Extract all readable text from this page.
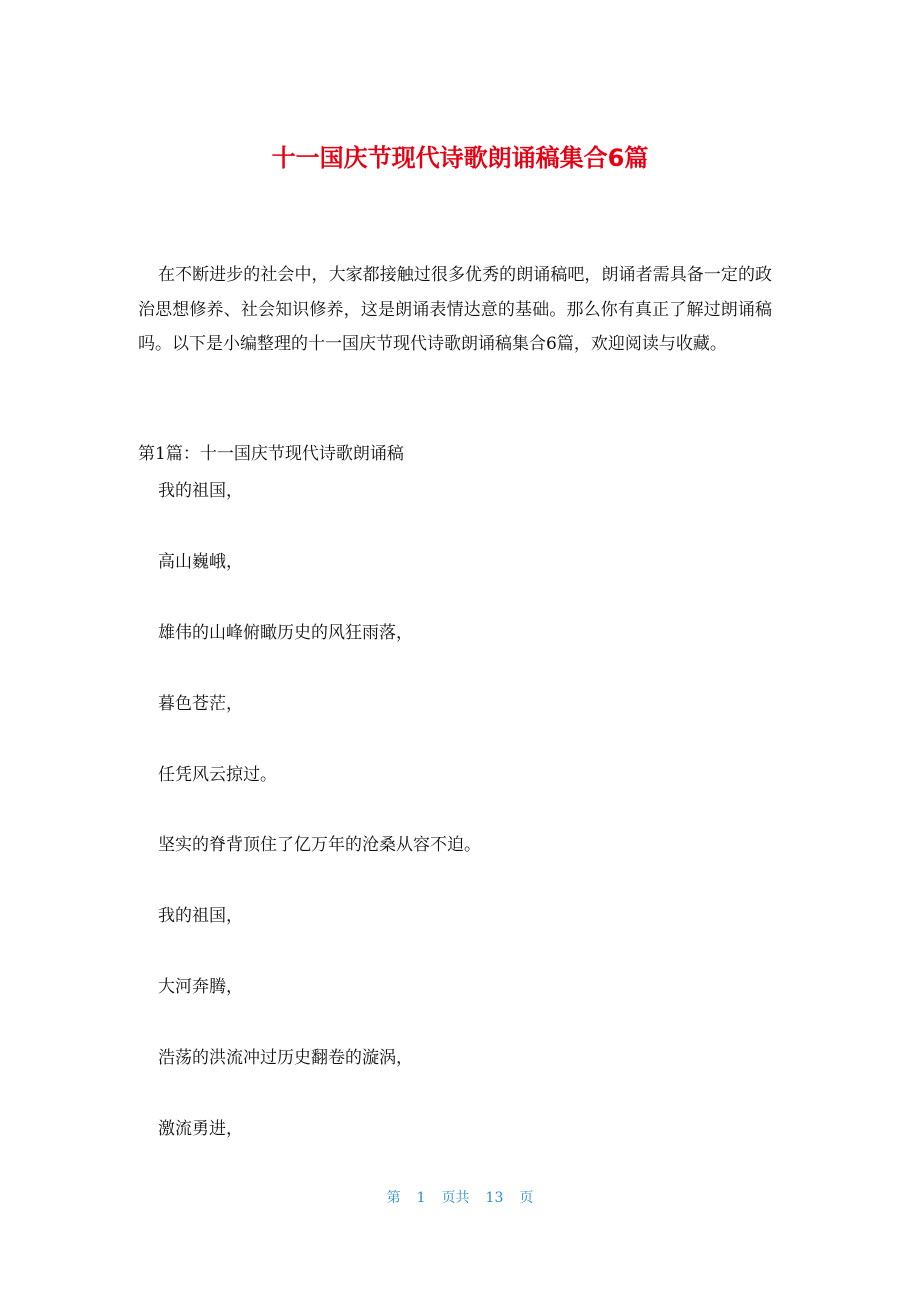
十一国庆节现代诗歌朗诵稿集合6篇

在不断进步的社会中，大家都接触过很多优秀的朗诵稿吧，朗诵者需具备一定的政治思想修养、社会知识修养，这是朗诵表情达意的基础。那么你有真正了解过朗诵稿吗。以下是小编整理的十一国庆节现代诗歌朗诵稿集合6篇，欢迎阅读与收藏。

第1篇：十一国庆节现代诗歌朗诵稿

我的祖国，
高山巍峨，
雄伟的山峰俯瞰历史的风狂雨落，
暮色苍茫，
任凭风云掠过。
坚实的脊背顶住了亿万年的沧桑从容不迫。
我的祖国，
大河奔腾，
浩荡的洪流冲过历史翻卷的漩涡，
激流勇进，
第 1 页共 13 页
